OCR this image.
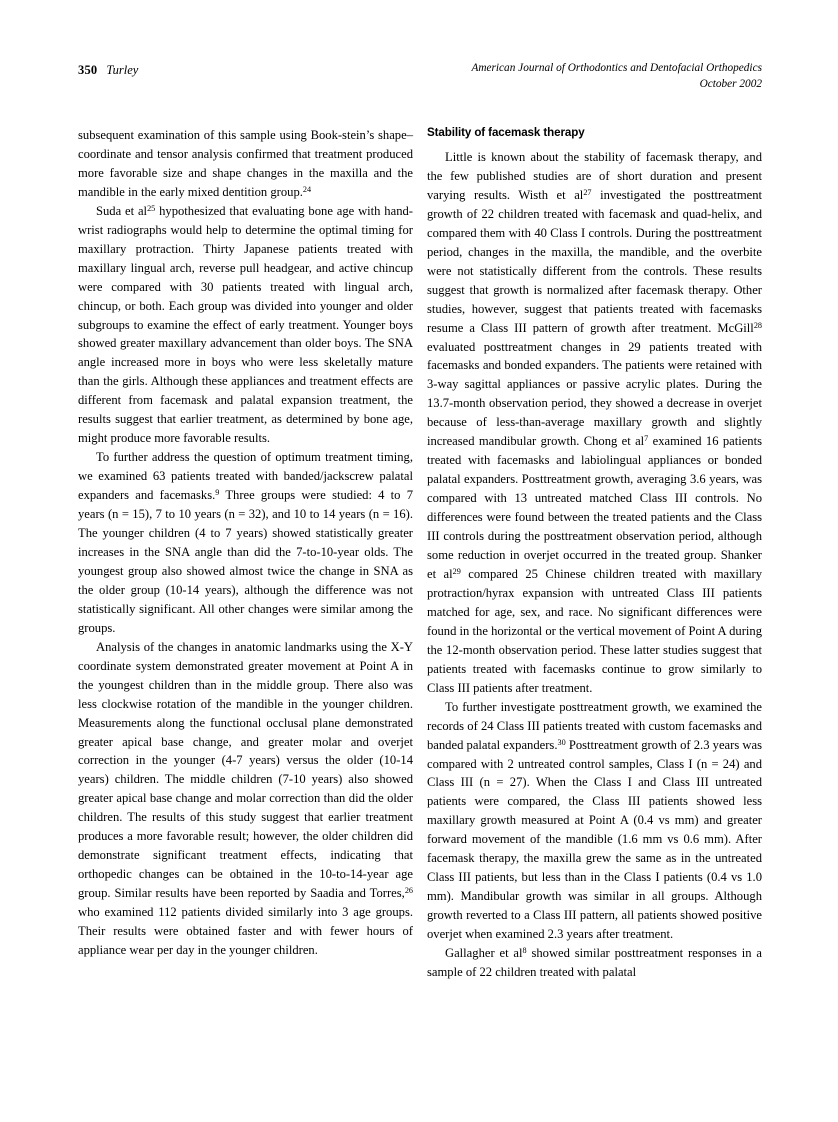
350 Turley	American Journal of Orthodontics and Dentofacial Orthopedics
October 2002

subsequent examination of this sample using Book-stein’s shape– coordinate and tensor analysis confirmed that treatment produced more favorable size and shape changes in the maxilla and the mandible in the early mixed dentition group.$^{24}$

Suda et $al^{25}$ hypothesized that evaluating bone age with hand-wrist radiographs would help to determine the optimal timing for maxillary protraction. Thirty Japanese patients treated with maxillary lingual arch, reverse pull headgear, and active chincup were compared with 30 patients treated with lingual arch, chincup, or both. Each group was divided into younger and older subgroups to examine the effect of early treatment. Younger boys showed greater maxillary advancement than older boys. The SNA angle increased more in boys who were less skeletally mature than the girls. Although these appliances and treatment effects are different from facemask and palatal expansion treatment, the results suggest that earlier treatment, as determined by bone age, might produce more favorable results.

To further address the question of optimum treatment timing, we examined 63 patients treated with banded/jackscrew palatal expanders and facemasks.$^9$ Three groups were studied: 4 to 7 years (n = 15), 7 to 10 years (n = 32), and 10 to 14 years (n = 16). The younger children (4 to 7 years) showed statistically greater increases in the SNA angle than did the 7-to-10-year olds. The youngest group also showed almost twice the change in SNA as the older group (10-14 years), although the difference was not statistically significant. All other changes were similar among the groups.

Analysis of the changes in anatomic landmarks using the X-Y coordinate system demonstrated greater movement at Point A in the youngest children than in the middle group. There also was less clockwise rotation of the mandible in the younger children. Measurements along the functional occlusal plane demonstrated greater apical base change, and greater molar and overjet correction in the younger (4-7 years) versus the older (10-14 years) children. The middle children (7-10 years) also showed greater apical base change and molar correction than did the older children. The results of this study suggest that earlier treatment produces a more favorable result; however, the older children did demonstrate significant treatment effects, indicating that orthopedic changes can be obtained in the 10-to-14-year age group. Similar results have been reported by Saadia and Torres,$^{26}$ who examined 112 patients divided similarly into 3 age groups. Their results were obtained faster and with fewer hours of appliance wear per day in the younger children.

Stability of facemask therapy

Little is known about the stability of facemask therapy, and the few published studies are of short duration and present varying results. Wisth et $al^{27}$ investigated the posttreatment growth of 22 children treated with facemask and quad-helix, and compared them with 40 Class I controls. During the posttreatment period, changes in the maxilla, the mandible, and the overbite were not statistically different from the controls. These results suggest that growth is normalized after facemask therapy. Other studies, however, suggest that patients treated with facemasks resume a Class III pattern of growth after treatment. McGill$^{28}$ evaluated posttreatment changes in 29 patients treated with facemasks and bonded expanders. The patients were retained with 3-way sagittal appliances or passive acrylic plates. During the 13.7-month observation period, they showed a decrease in overjet because of less-than-average maxillary growth and slightly increased mandibular growth. Chong et $al^7$ examined 16 patients treated with facemasks and labiolingual appliances or bonded palatal expanders. Posttreatment growth, averaging 3.6 years, was compared with 13 untreated matched Class III controls. No differences were found between the treated patients and the Class III controls during the posttreatment observation period, although some reduction in overjet occurred in the treated group. Shanker et $al^{29}$ compared 25 Chinese children treated with maxillary protraction/hyrax expansion with untreated Class III patients matched for age, sex, and race. No significant differences were found in the horizontal or the vertical movement of Point A during the 12-month observation period. These latter studies suggest that patients treated with facemasks continue to grow similarly to Class III patients after treatment.

To further investigate posttreatment growth, we examined the records of 24 Class III patients treated with custom facemasks and banded palatal expanders.$^{30}$ Posttreatment growth of 2.3 years was compared with 2 untreated control samples, Class I (n = 24) and Class III (n = 27). When the Class I and Class III untreated patients were compared, the Class III patients showed less maxillary growth measured at Point A (0.4 vs mm) and greater forward movement of the mandible (1.6 mm vs 0.6 mm). After facemask therapy, the maxilla grew the same as in the untreated Class III patients, but less than in the Class I patients (0.4 vs 1.0 mm). Mandibular growth was similar in all groups. Although growth reverted to a Class III pattern, all patients showed positive overjet when examined 2.3 years after treatment.

Gallagher et $al^8$ showed similar posttreatment responses in a sample of 22 children treated with palatal
